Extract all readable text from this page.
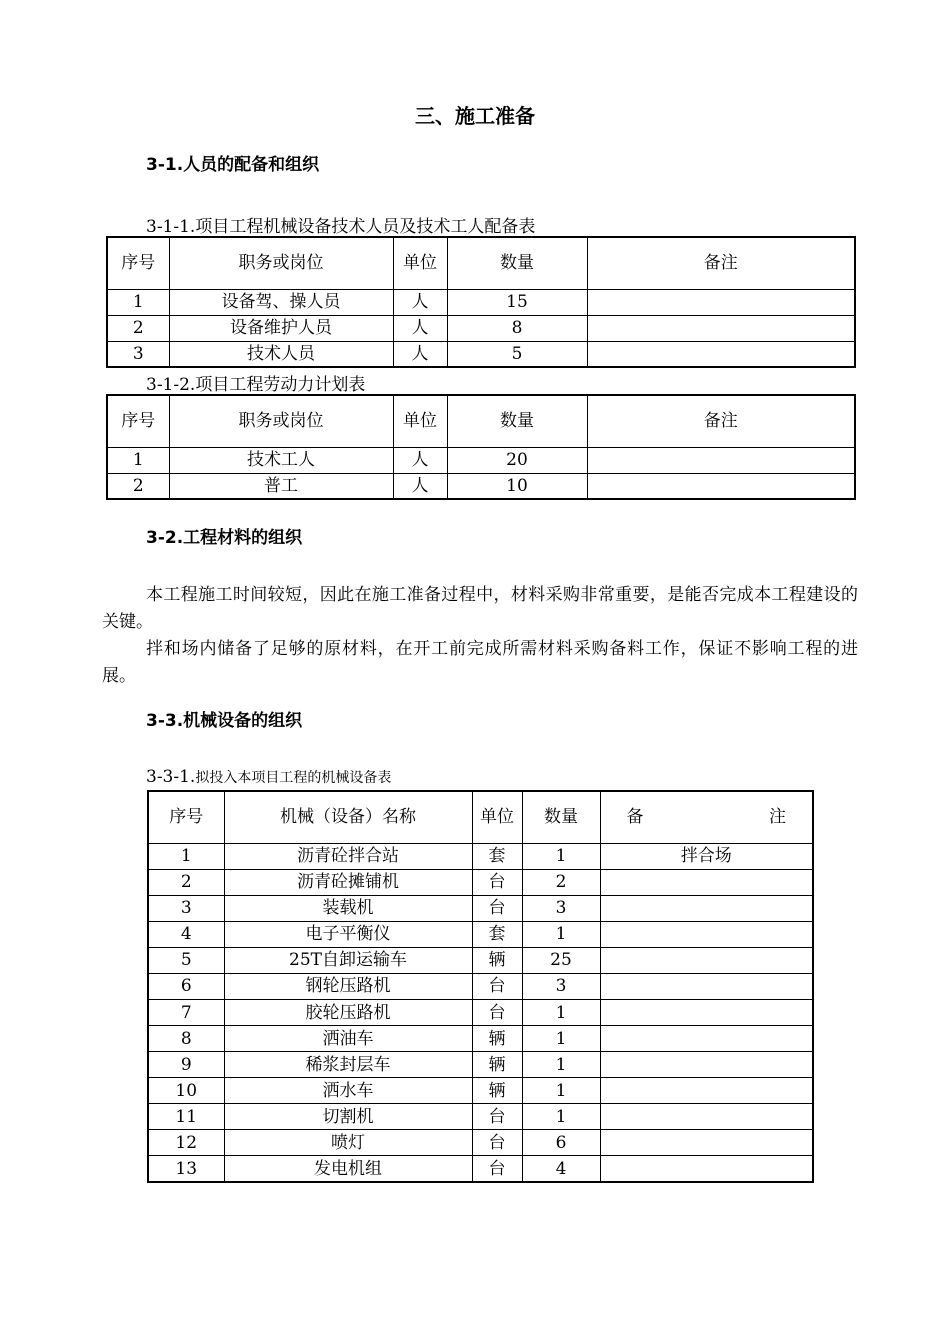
三、施工准备
3-1.人员的配备和组织
3-1-1.项目工程机械设备技术人员及技术工人配备表
序号	职务或岗位	单位	数量	备注
1	设备驾、操人员	人	15	
2	设备维护人员	人	8	
3	技术人员	人	5	
3-1-2.项目工程劳动力计划表
序号	职务或岗位	单位	数量	备注
1	技术工人	人	20	
2	普工	人	10	
3-2.工程材料的组织

本工程施工时间较短，因此在施工准备过程中，材料采购非常重要，是能否完成本工程建设的关键。

拌和场内储备了足够的原材料，在开工前完成所需材料采购备料工作，保证不影响工程的进展。

3-3.机械设备的组织
3-3-1.拟投入本项目工程的机械设备表
序号	机械（设备）名称	单位	数量	备 注
1	沥青砼拌合站	套	1	拌合场
2	沥青砼摊铺机	台	2	
3	装载机	台	3	
4	电子平衡仪	套	1	
5	25T自卸运输车	辆	25	
6	钢轮压路机	台	3	
7	胶轮压路机	台	1	
8	洒油车	辆	1	
9	稀浆封层车	辆	1	
10	洒水车	辆	1	
11	切割机	台	1	
12	喷灯	台	6	
13	发电机组	台	4	
